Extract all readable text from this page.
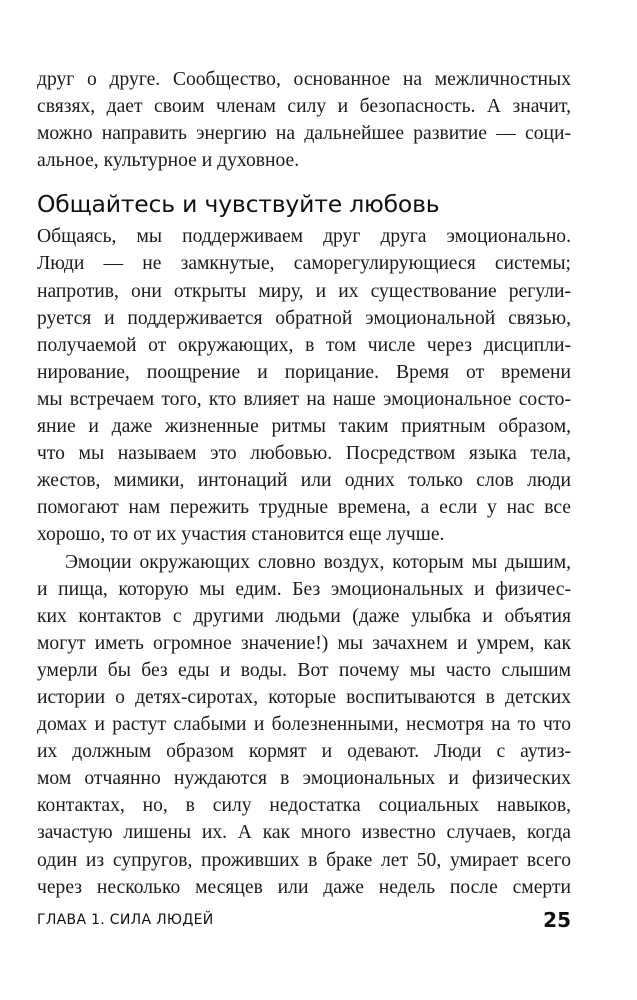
друг о друге. Сообщество, основанное на межличностных
связях, дает своим членам силу и безопасность. А значит,
можно направить энергию на дальнейшее развитие — соци-
альное, культурное и духовное.
Общайтесь и чувствуйте любовь
Общаясь, мы поддерживаем друг друга эмоционально.
Люди — не замкнутые, саморегулирующиеся системы;
напротив, они открыты миру, и их существование регули-
руется и поддерживается обратной эмоциональной связью,
получаемой от окружающих, в том числе через дисципли-
нирование, поощрение и порицание. Время от времени
мы встречаем того, кто влияет на наше эмоциональное состо-
яние и даже жизненные ритмы таким приятным образом,
что мы называем это любовью. Посредством языка тела,
жестов, мимики, интонаций или одних только слов люди
помогают нам пережить трудные времена, а если у нас все
хорошо, то от их участия становится еще лучше.
Эмоции окружающих словно воздух, которым мы дышим,
и пища, которую мы едим. Без эмоциональных и физичес-
ких контактов с другими людьми (даже улыбка и объятия
могут иметь огромное значение!) мы зачахнем и умрем, как
умерли бы без еды и воды. Вот почему мы часто слышим
истории о детях-сиротах, которые воспитываются в детских
домах и растут слабыми и болезненными, несмотря на то что
их должным образом кормят и одевают. Люди с аутиз-
мом отчаянно нуждаются в эмоциональных и физических
контактах, но, в силу недостатка социальных навыков,
зачастую лишены их. А как много известно случаев, когда
один из супругов, проживших в браке лет 50, умирает всего
через несколько месяцев или даже недель после смерти
ГЛАВА 1. СИЛА ЛЮДЕЙ	25
